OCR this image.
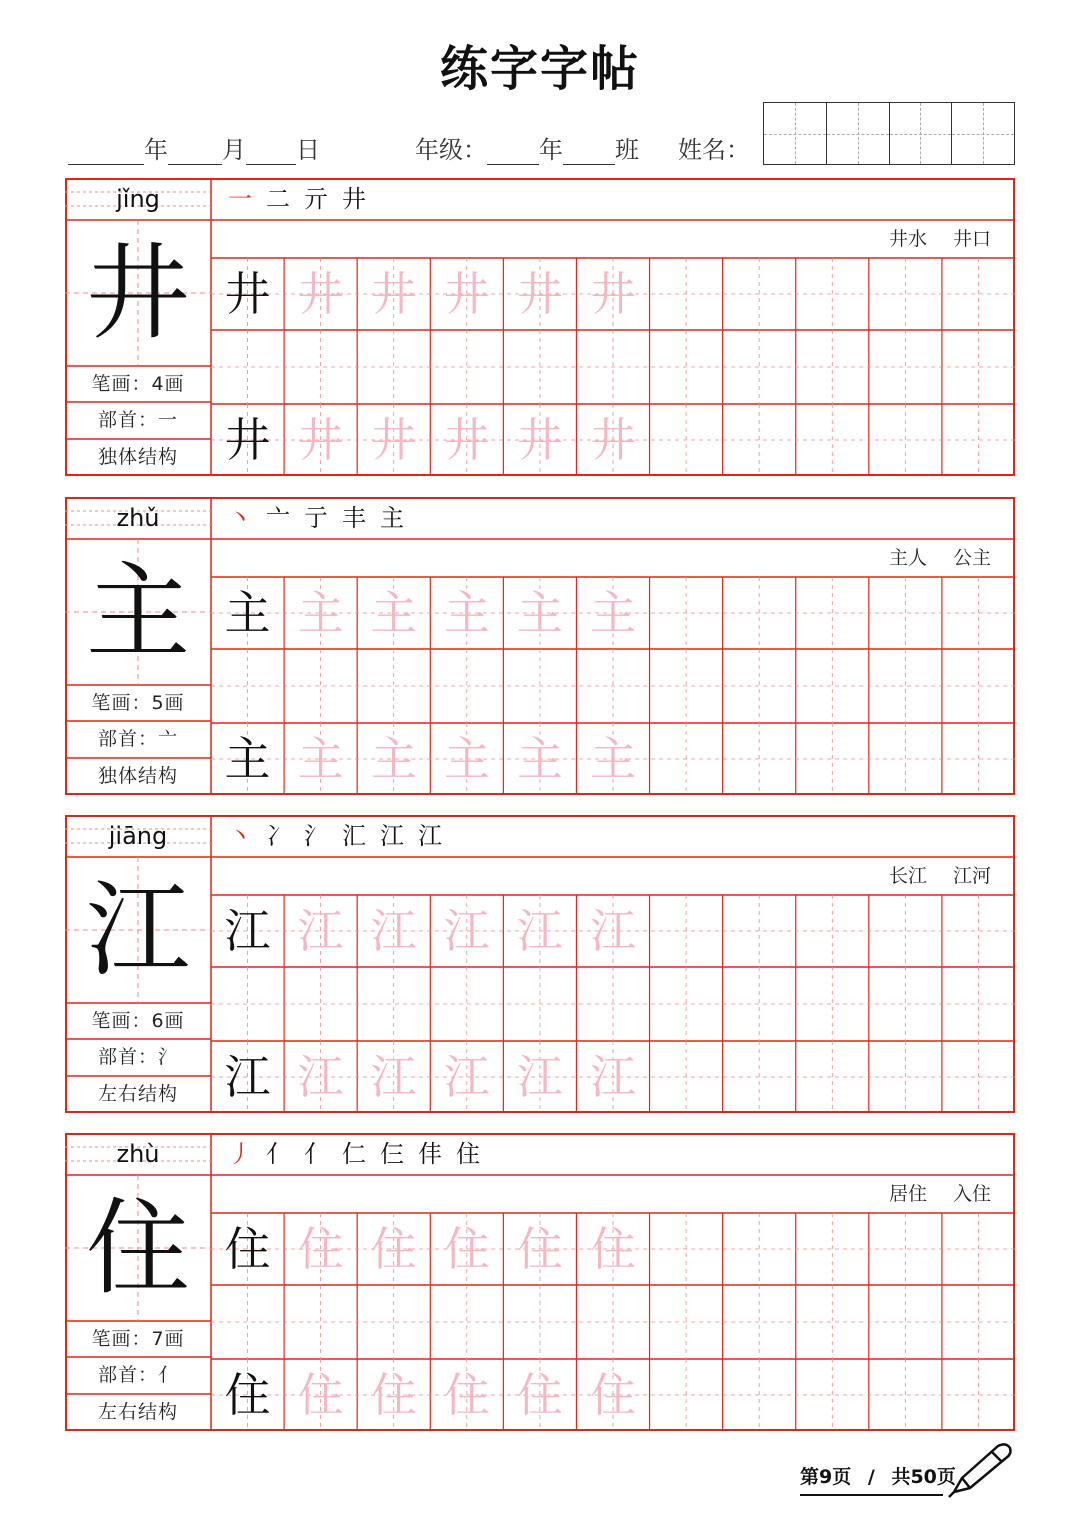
练字字帖
年 月 日	年级： 年 班 姓名：
jǐng
井
笔画：4画
部首：一
独体结构
一 二 亓 井
井水 井口
井 井 井 井 井 井
井 井 井 井 井 井
zhǔ
主
笔画：5画
部首：亠
独体结构
丶 亠 亍 丰 主
主人 公主
主 主 主 主 主 主
主 主 主 主 主 主
jiāng
江
笔画：6画
部首：氵
左右结构
丶 冫 氵 汇 江 江
长江 江河
江 江 江 江 江 江
江 江 江 江 江 江
zhù
住
笔画：7画
部首：亻
左右结构
丿 亻 亻 仁 仨 仹 住
居住 入住
住 住 住 住 住 住
住 住 住 住 住 住
第9页 / 共50页
